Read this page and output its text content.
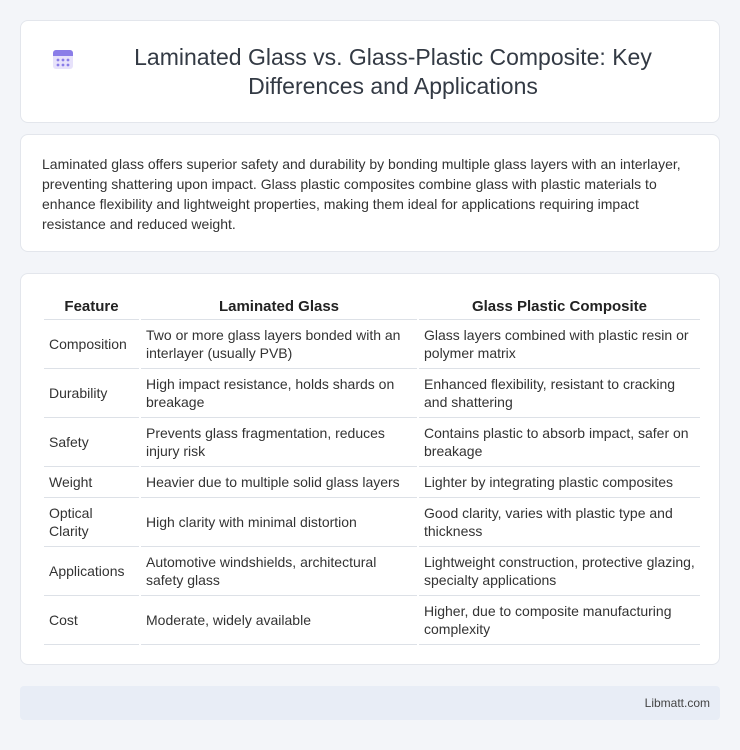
Laminated Glass vs. Glass-Plastic Composite: Key Differences and Applications

Laminated glass offers superior safety and durability by bonding multiple glass layers with an interlayer, preventing shattering upon impact. Glass plastic composites combine glass with plastic materials to enhance flexibility and lightweight properties, making them ideal for applications requiring impact resistance and reduced weight.

Feature	Laminated Glass	Glass Plastic Composite
Composition	Two or more glass layers bonded with an interlayer (usually PVB)	Glass layers combined with plastic resin or polymer matrix
Durability	High impact resistance, holds shards on breakage	Enhanced flexibility, resistant to cracking and shattering
Safety	Prevents glass fragmentation, reduces injury risk	Contains plastic to absorb impact, safer on breakage
Weight	Heavier due to multiple solid glass layers	Lighter by integrating plastic composites
Optical Clarity	High clarity with minimal distortion	Good clarity, varies with plastic type and thickness
Applications	Automotive windshields, architectural safety glass	Lightweight construction, protective glazing, specialty applications
Cost	Moderate, widely available	Higher, due to composite manufacturing complexity
Libmatt.com
